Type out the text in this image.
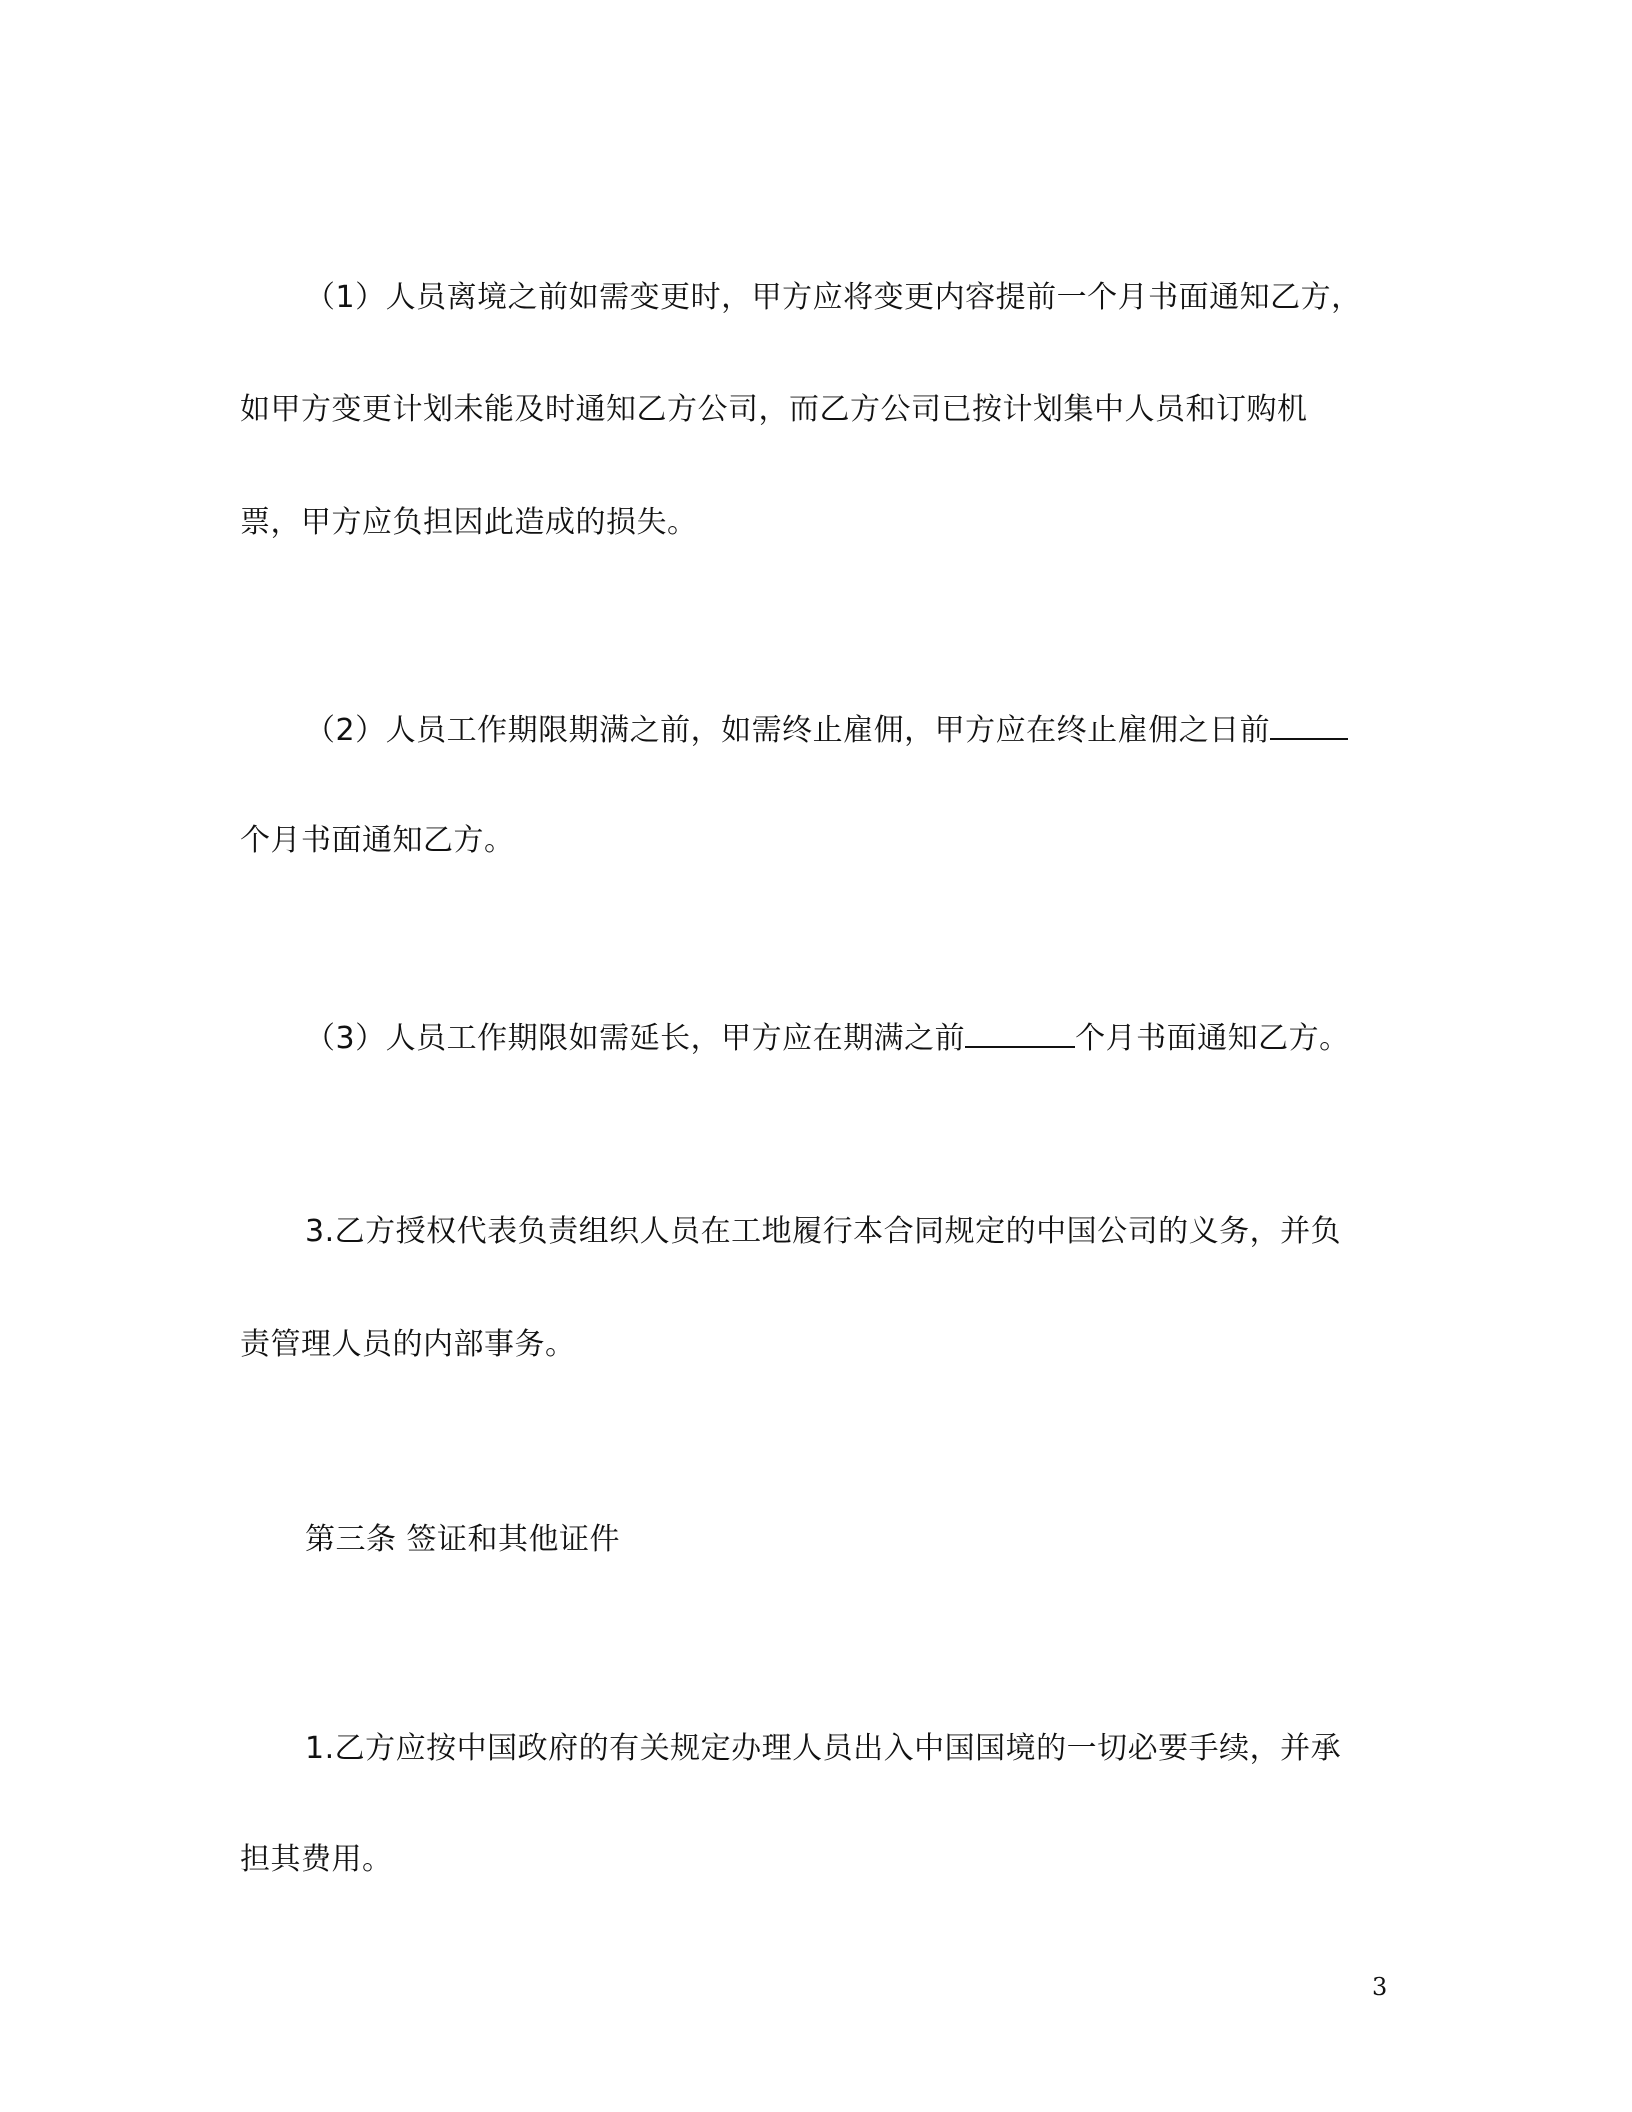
（1）人员离境之前如需变更时，甲方应将变更内容提前一个月书面通知乙方，
如甲方变更计划未能及时通知乙方公司，而乙方公司已按计划集中人员和订购机
票，甲方应负担因此造成的损失。
（2）人员工作期限期满之前，如需终止雇佣，甲方应在终止雇佣之日前
个月书面通知乙方。
（3）人员工作期限如需延长，甲方应在期满之前	个月书面通知乙方。
3.乙方授权代表负责组织人员在工地履行本合同规定的中国公司的义务，并负
责管理人员的内部事务。
第三条 签证和其他证件
1.乙方应按中国政府的有关规定办理人员出入中国国境的一切必要手续，并承
担其费用。
3
